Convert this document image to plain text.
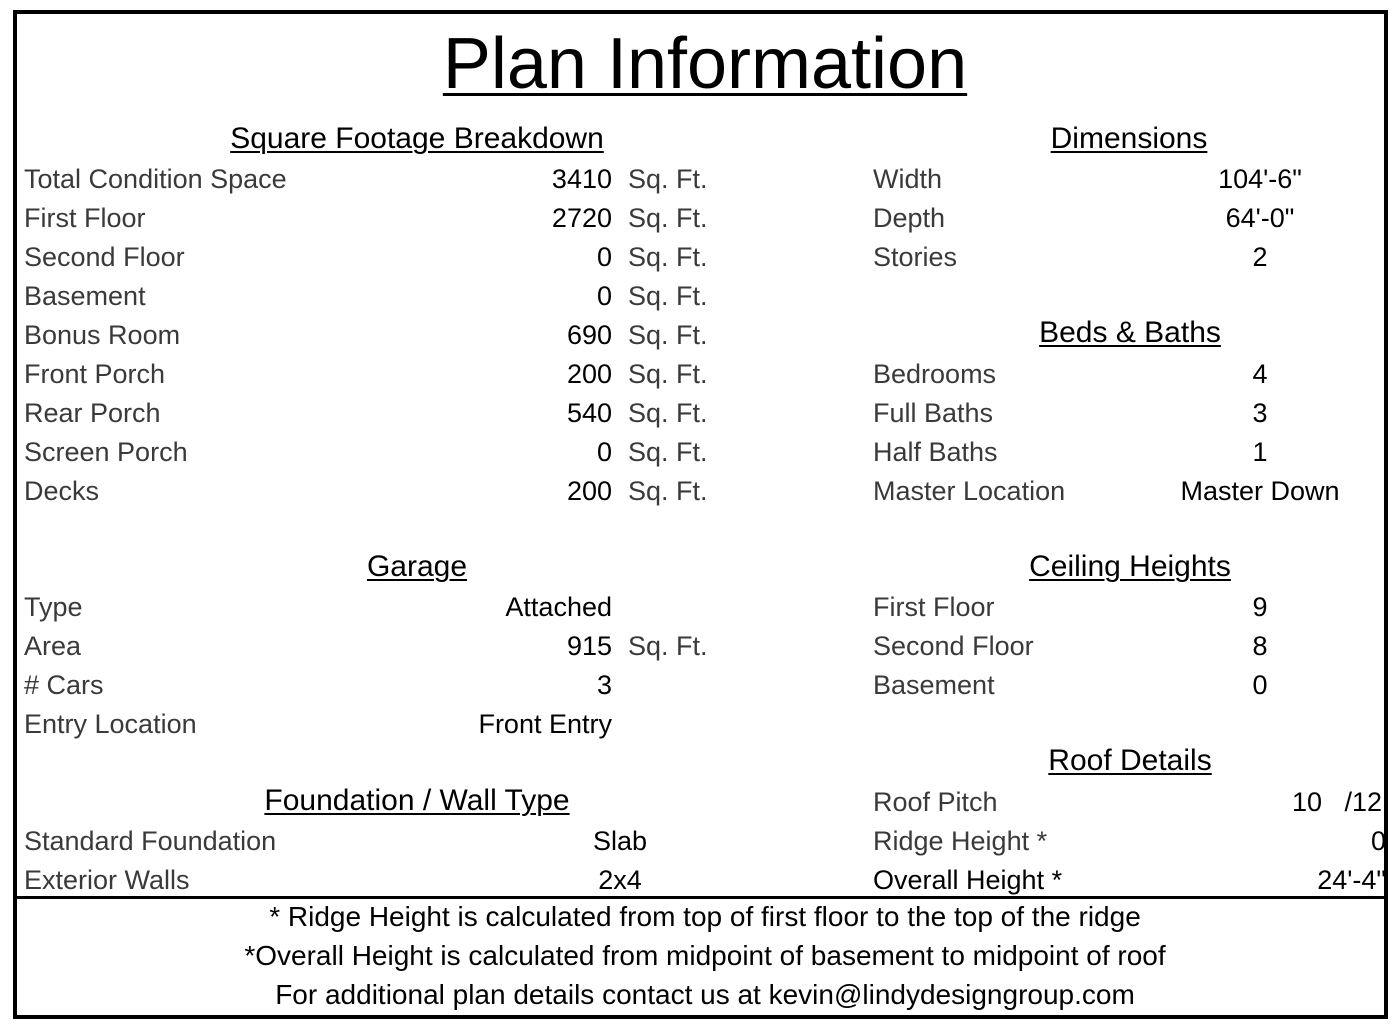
Plan Information
Square Footage Breakdown
Total Condition Space	3410 Sq. Ft.
First Floor	2720 Sq. Ft.
Second Floor	0 Sq. Ft.
Basement	0 Sq. Ft.
Bonus Room	690 Sq. Ft.
Front Porch	200 Sq. Ft.
Rear Porch	540 Sq. Ft.
Screen Porch	0 Sq. Ft.
Decks	200 Sq. Ft.
Garage
Type	Attached
Area	915 Sq. Ft.
# Cars	3
Entry Location	Front Entry
Foundation / Wall Type
Standard Foundation	Slab
Exterior Walls	2x4
Dimensions
Width	104'-6"
Depth	64'-0"
Stories	2
Beds & Baths
Bedrooms	4
Full Baths	3
Half Baths	1
Master Location	Master Down
Ceiling Heights
First Floor	9
Second Floor	8
Basement	0
Roof Details
Roof Pitch	10 /12
Ridge Height *	0
Overall Height *	24'-4"
* Ridge Height is calculated from top of first floor to the top of the ridge
*Overall Height is calculated from midpoint of basement to midpoint of roof
For additional plan details contact us at kevin@lindydesigngroup.com
